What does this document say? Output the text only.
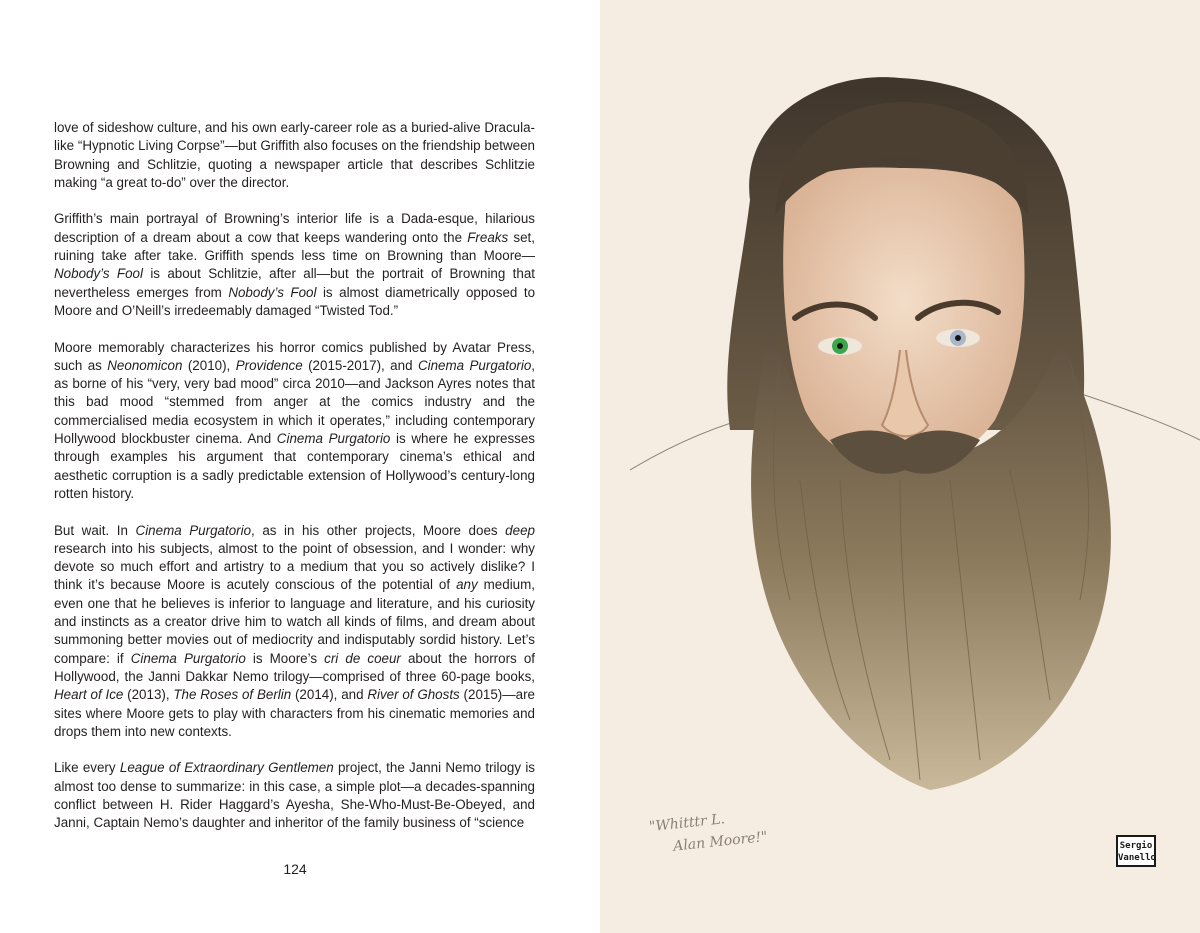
love of sideshow culture, and his own early-career role as a buried-alive Dracula-like “Hypnotic Living Corpse”—but Griffith also focuses on the friendship between Browning and Schlitzie, quoting a newspaper article that describes Schlitzie making “a great to-do” over the director.

Griffith’s main portrayal of Browning’s interior life is a Dada-esque, hilarious description of a dream about a cow that keeps wandering onto the Freaks set, ruining take after take. Griffith spends less time on Browning than Moore—Nobody’s Fool is about Schlitzie, after all—but the portrait of Browning that nevertheless emerges from Nobody’s Fool is almost diametrically opposed to Moore and O’Neill’s irredeemably damaged “Twisted Tod.”

Moore memorably characterizes his horror comics published by Avatar Press, such as Neonomicon (2010), Providence (2015-2017), and Cinema Purgatorio, as borne of his “very, very bad mood” circa 2010—and Jackson Ayres notes that this bad mood “stemmed from anger at the comics industry and the commercialised media ecosystem in which it operates,” including contemporary Hollywood blockbuster cinema. And Cinema Purgatorio is where he expresses through examples his argument that contemporary cinema’s ethical and aesthetic corruption is a sadly predictable extension of Hollywood’s century-long rotten history.

But wait. In Cinema Purgatorio, as in his other projects, Moore does deep research into his subjects, almost to the point of obsession, and I wonder: why devote so much effort and artistry to a medium that you so actively dislike? I think it’s because Moore is acutely conscious of the potential of any medium, even one that he believes is inferior to language and literature, and his curiosity and instincts as a creator drive him to watch all kinds of films, and dream about summoning better movies out of mediocrity and indisputably sordid history. Let’s compare: if Cinema Purgatorio is Moore’s cri de coeur about the horrors of Hollywood, the Janni Dakkar Nemo trilogy—comprised of three 60-page books, Heart of Ice (2013), The Roses of Berlin (2014), and River of Ghosts (2015)—are sites where Moore gets to play with characters from his cinematic memories and drops them into new contexts.

Like every League of Extraordinary Gentlemen project, the Janni Nemo trilogy is almost too dense to summarize: in this case, a simple plot—a decades-spanning conflict between H. Rider Haggard’s Ayesha, She-Who-Must-Be-Obeyed, and Janni, Captain Nemo’s daughter and inheritor of the family business of “science

124
"Whitttr L.
Alan Moore!"	Sergio
Vanello
